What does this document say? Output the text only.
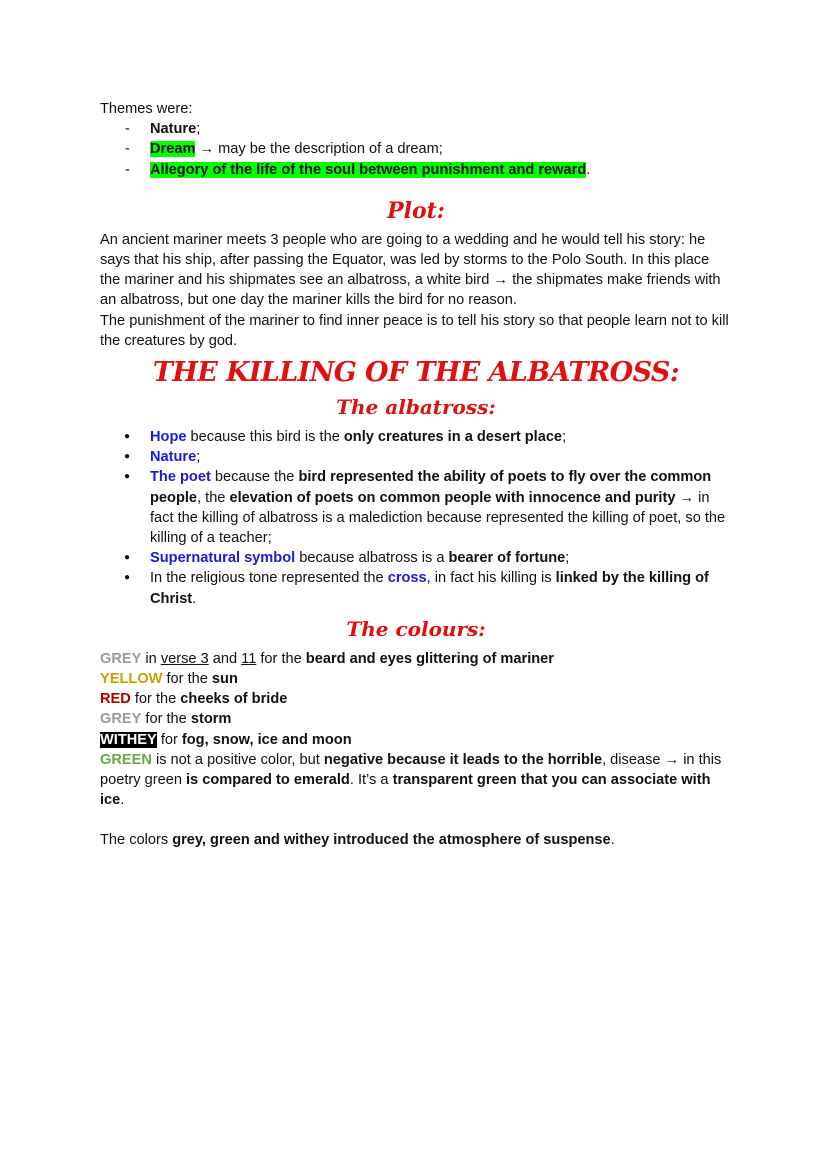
Themes were:

- Nature;
- Dream → may be the description of a dream;
- Allegory of the life of the soul between punishment and reward.

Plot:

An ancient mariner meets 3 people who are going to a wedding and he would tell his story: he says that his ship, after passing the Equator, was led by storms to the Polo South. In this place the mariner and his shipmates see an albatross, a white bird → the shipmates make friends with an albatross, but one day the mariner kills the bird for no reason.

The punishment of the mariner to find inner peace is to tell his story so that people learn not to kill the creatures by god.

THE KILLING OF THE ALBATROSS:

The albatross:

● Hope because this bird is the only creatures in a desert place;
● Nature;
● The poet because the bird represented the ability of poets to fly over the common people, the elevation of poets on common people with innocence and purity → in fact the killing of albatross is a malediction because represented the killing of poet, so the killing of a teacher;
● Supernatural symbol because albatross is a bearer of fortune;
● In the religious tone represented the cross, in fact his killing is linked by the killing of Christ.

The colours:

GREY in verse 3 and 11 for the beard and eyes glittering of mariner

YELLOW for the sun

RED for the cheeks of bride

GREY for the storm

WITHEY for fog, snow, ice and moon

GREEN is not a positive color, but negative because it leads to the horrible, disease → in this poetry green is compared to emerald. It’s a transparent green that you can associate with ice.

The colors grey, green and withey introduced the atmosphere of suspense.
